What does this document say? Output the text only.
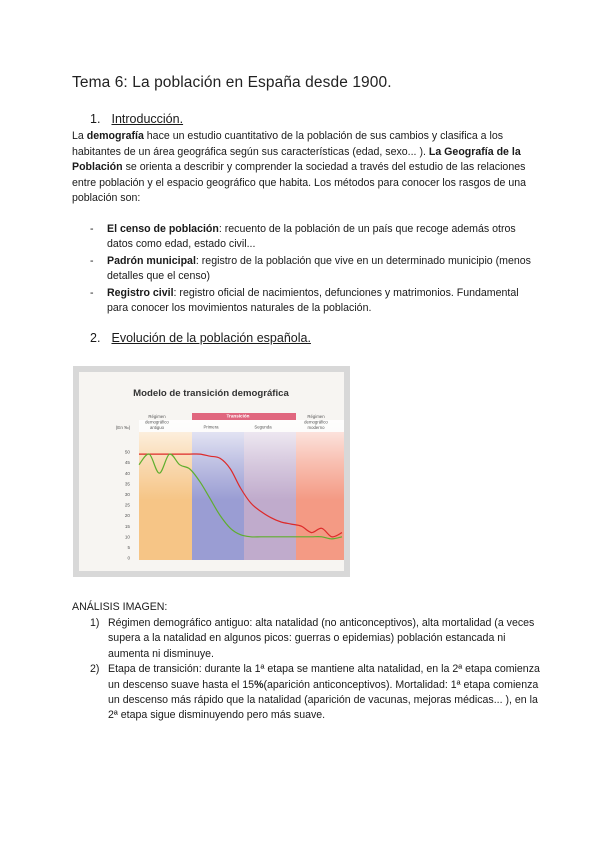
Tema 6: La población en España desde 1900.
1. Introducción.
La demografía hace un estudio cuantitativo de la población de sus cambios y clasifica a los habitantes de un área geográfica según sus características (edad, sexo... ). La Geografía de la Población se orienta a describir y comprender la sociedad a través del estudio de las relaciones entre población y el espacio geográfico que habita. Los métodos para conocer los rasgos de una población son:
- El censo de población: recuento de la población de un país que recoge además otros datos como edad, estado civil...
- Padrón municipal: registro de la población que vive en un determinado municipio (menos detalles que el censo)
- Registro civil: registro oficial de nacimientos, defunciones y matrimonios. Fundamental para conocer los movimientos naturales de la población.
2. Evolución de la población española.
Modelo de transición demográfica
(En ‰)
Régimen
demográfico
antiguo
Transición
Primera	Segunda
Régimen
demográfico
moderno
50
45
40
35
30
25
20
15
10
5
0
ANÁLISIS IMAGEN:
1) Régimen demográfico antiguo: alta natalidad (no anticonceptivos), alta mortalidad (a veces supera a la natalidad en algunos picos: guerras o epidemias) población estancada ni aumenta ni disminuye.
2) Etapa de transición: durante la 1ª etapa se mantiene alta natalidad, en la 2ª etapa comienza un descenso suave hasta el 15%(aparición anticonceptivos). Mortalidad: 1ª etapa comienza un descenso más rápido que la natalidad (aparición de vacunas, mejoras médicas... ), en la 2ª etapa sigue disminuyendo pero más suave.
